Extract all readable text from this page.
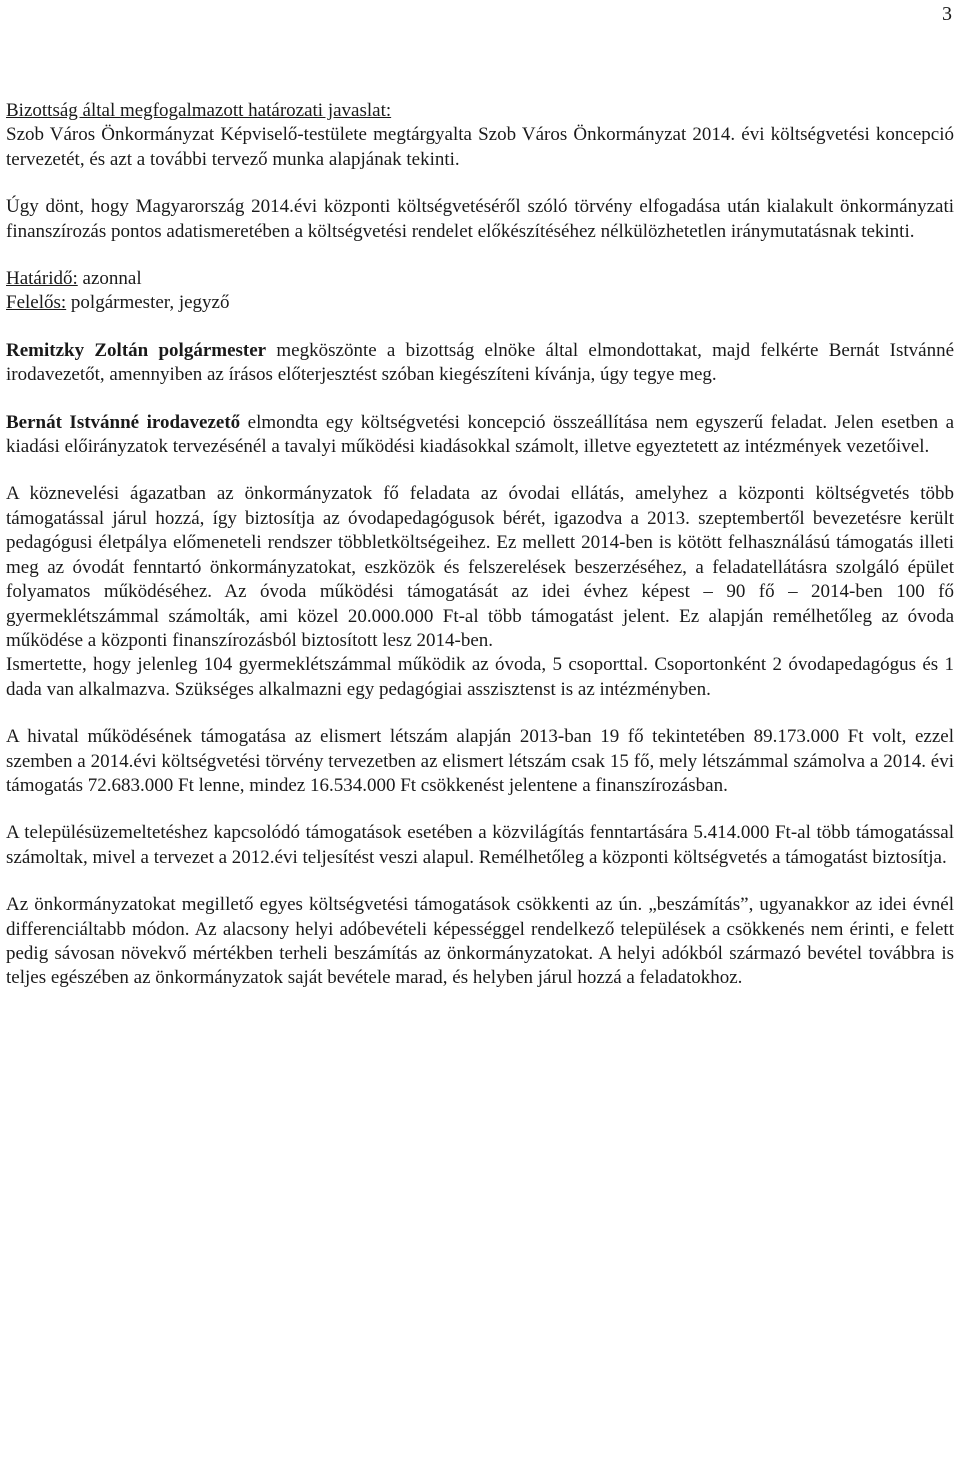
3

Bizottság által megfogalmazott határozati javaslat:

Szob Város Önkormányzat Képviselő-testülete megtárgyalta Szob Város Önkormányzat 2014. évi költségvetési koncepció tervezetét, és azt a további tervező munka alapjának tekinti.

Úgy dönt, hogy Magyarország 2014.évi központi költségvetéséről szóló törvény elfogadása után kialakult önkormányzati finanszírozás pontos adatismeretében a költségvetési rendelet előkészítéséhez nélkülözhetetlen iránymutatásnak tekinti.

Határidő: azonnal

Felelős: polgármester, jegyző

Remitzky Zoltán polgármester megköszönte a bizottság elnöke által elmondottakat, majd felkérte Bernát Istvánné irodavezetőt, amennyiben az írásos előterjesztést szóban kiegészíteni kívánja, úgy tegye meg.

Bernát Istvánné irodavezető elmondta egy költségvetési koncepció összeállítása nem egyszerű feladat. Jelen esetben a kiadási előirányzatok tervezésénél a tavalyi működési kiadásokkal számolt, illetve egyeztetett az intézmények vezetőivel.

A köznevelési ágazatban az önkormányzatok fő feladata az óvodai ellátás, amelyhez a központi költségvetés több támogatással járul hozzá, így biztosítja az óvodapedagógusok bérét, igazodva a 2013. szeptembertől bevezetésre került pedagógusi életpálya előmeneteli rendszer többletköltségeihez. Ez mellett 2014-ben is kötött felhasználású támogatás illeti meg az óvodát fenntartó önkormányzatokat, eszközök és felszerelések beszerzéséhez, a feladatellátásra szolgáló épület folyamatos működéséhez. Az óvoda működési támogatását az idei évhez képest – 90 fő – 2014-ben 100 fő gyermeklétszámmal számolták, ami közel 20.000.000 Ft-al több támogatást jelent. Ez alapján remélhetőleg az óvoda működése a központi finanszírozásból biztosított lesz 2014-ben.

Ismertette, hogy jelenleg 104 gyermeklétszámmal működik az óvoda, 5 csoporttal. Csoportonként 2 óvodapedagógus és 1 dada van alkalmazva. Szükséges alkalmazni egy pedagógiai asszisztenst is az intézményben.

A hivatal működésének támogatása az elismert létszám alapján 2013-ban 19 fő tekintetében 89.173.000 Ft volt, ezzel szemben a 2014.évi költségvetési törvény tervezetben az elismert létszám csak 15 fő, mely létszámmal számolva a 2014. évi támogatás 72.683.000 Ft lenne, mindez 16.534.000 Ft csökkenést jelentene a finanszírozásban.

A településüzemeltetéshez kapcsolódó támogatások esetében a közvilágítás fenntartására 5.414.000 Ft-al több támogatással számoltak, mivel a tervezet a 2012.évi teljesítést veszi alapul. Remélhetőleg a központi költségvetés a támogatást biztosítja.

Az önkormányzatokat megillető egyes költségvetési támogatások csökkenti az ún. „beszámítás”, ugyanakkor az idei évnél differenciáltabb módon. Az alacsony helyi adóbevételi képességgel rendelkező települések a csökkenés nem érinti, e felett pedig sávosan növekvő mértékben terheli beszámítás az önkormányzatokat. A helyi adókból származó bevétel továbbra is teljes egészében az önkormányzatok saját bevétele marad, és helyben járul hozzá a feladatokhoz.
